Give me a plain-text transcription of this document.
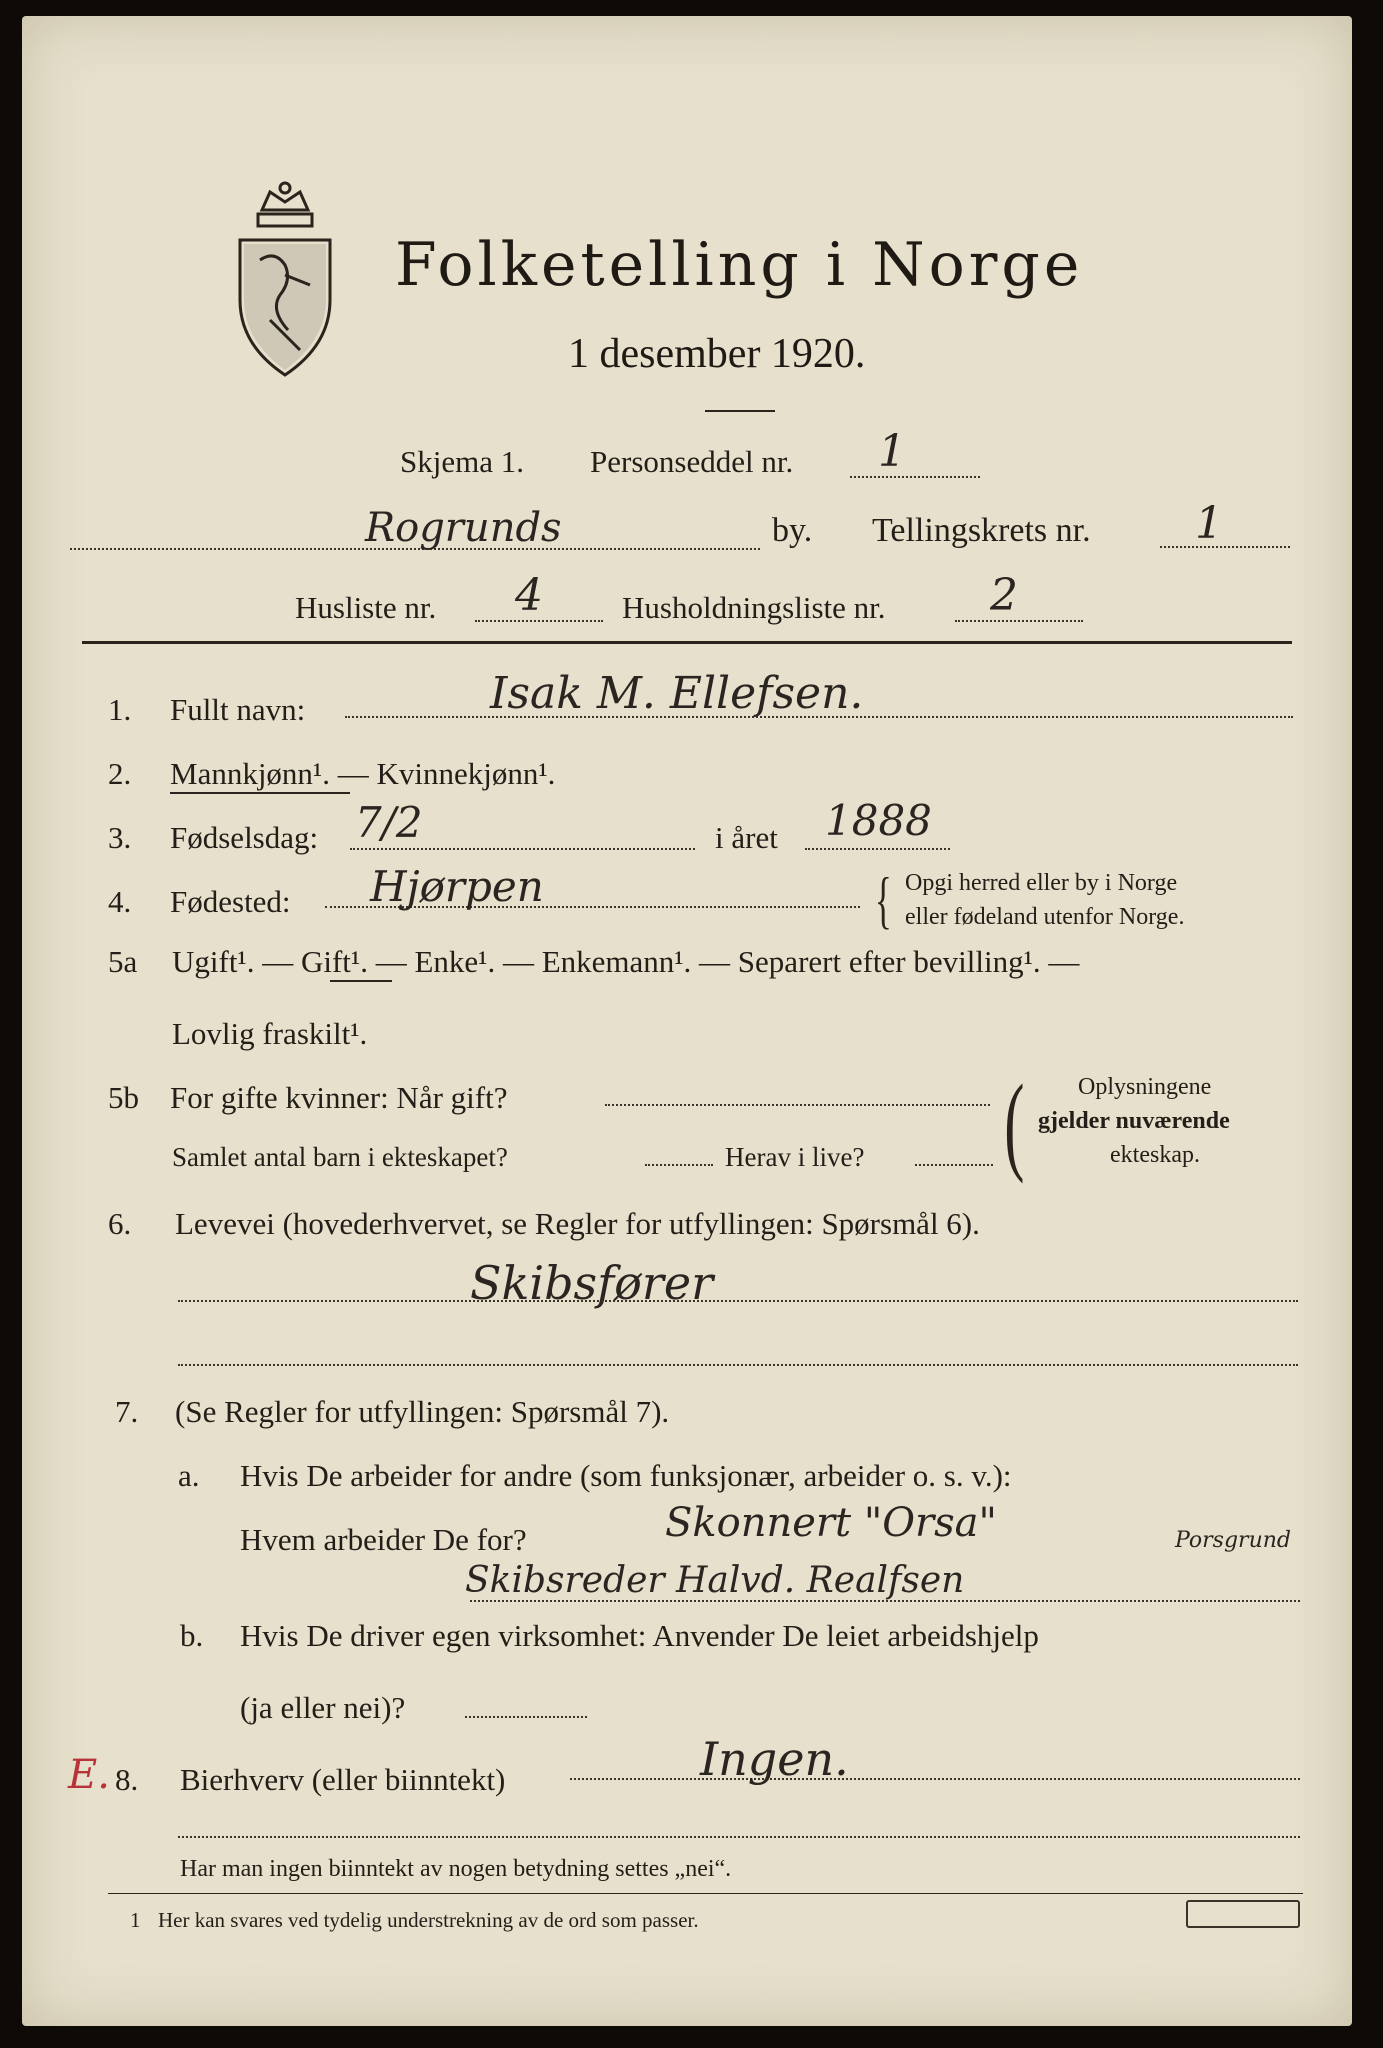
Folketelling i Norge
1 desember 1920.
Skjema 1. Personseddel nr. 1
Rogrunds	by. Tellingskrets nr. 1
Husliste nr. 4	Husholdningsliste nr. 2
1. Fullt navn:	Isak M. Ellefsen.
2. Mannkjønn¹. — Kvinnekjønn¹.
3. Fødselsdag: 7/2	i året 1888
4. Fødested: Hjørpen	{ Opgi herred eller by i Norge
eller fødeland utenfor Norge.
5a Ugift¹. — Gift¹. — Enke¹. — Enkemann¹. — Separert efter bevilling¹. —
Lovlig fraskilt¹.
5b For gifte kvinner: Når gift?
Samlet antal barn i ekteskapet?	Herav i live? ( Oplysningene
gjelder nuværende
ekteskap.
6. Levevei (hovederhvervet, se Regler for utfyllingen: Spørsmål 6).
Skibsfører
7. (Se Regler for utfyllingen: Spørsmål 7).
a. Hvis De arbeider for andre (som funksjonær, arbeider o. s. v.):
Hvem arbeider De for?	Skonnert "Orsa"	Porsgrund
Skibsreder Halvd. Realfsen
b. Hvis De driver egen virksomhet: Anvender De leiet arbeidshjelp
(ja eller nei)?
E. 8. Bierhverv (eller biinntekt)	Ingen.
Har man ingen biinntekt av nogen betydning settes „nei“.
1 Her kan svares ved tydelig understrekning av de ord som passer.
